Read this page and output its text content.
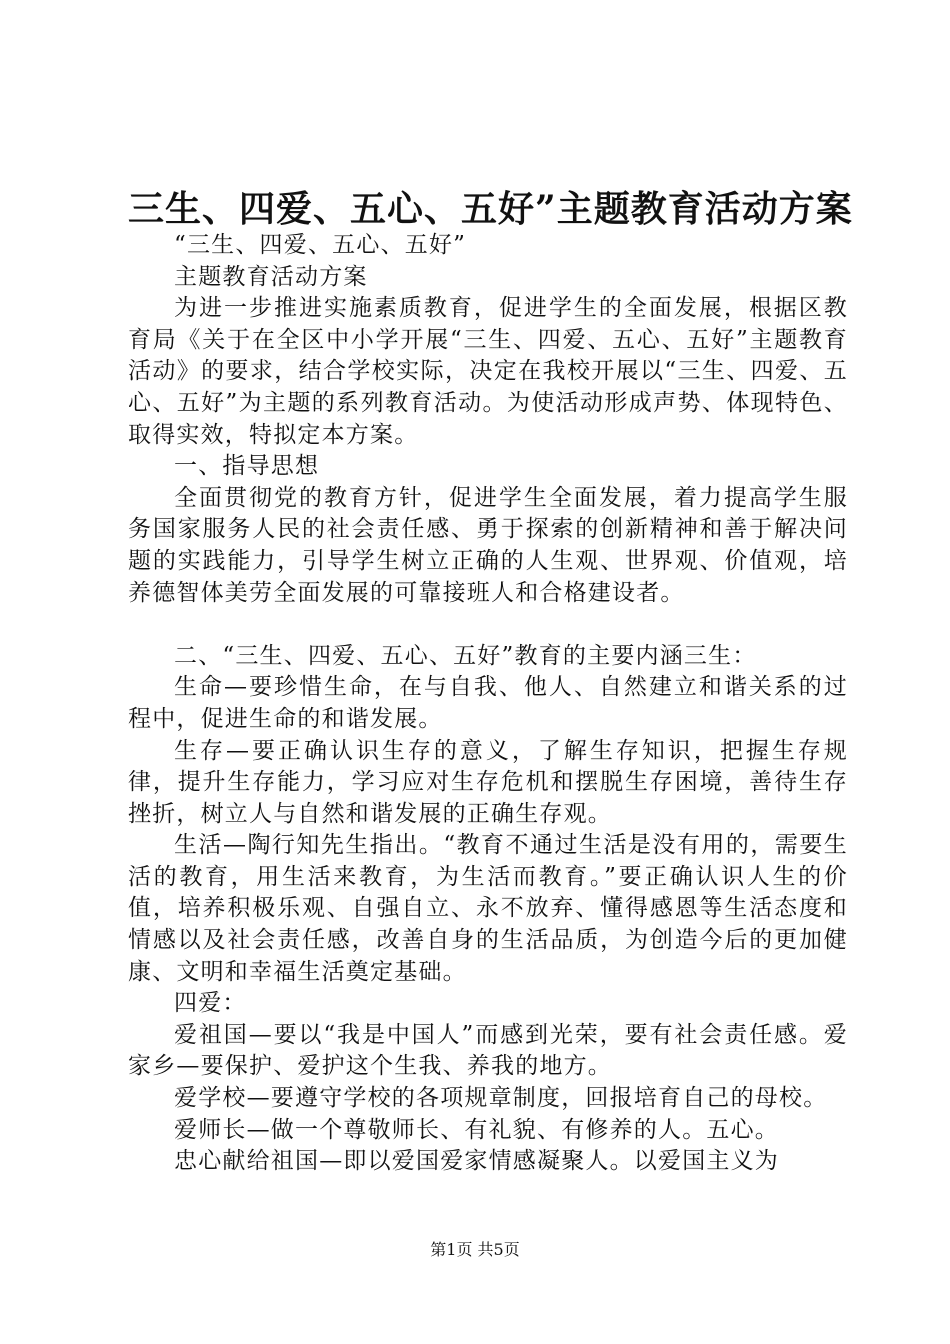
三生、四爱、五心、五好”主题教育活动方案

“三生、四爱、五心、五好”

主题教育活动方案

为进一步推进实施素质教育，促进学生的全面发展，根据区教育局《关于在全区中小学开展“三生、四爱、五心、五好”主题教育活动》的要求，结合学校实际，决定在我校开展以“三生、四爱、五心、五好”为主题的系列教育活动。为使活动形成声势、体现特色、取得实效，特拟定本方案。

一、指导思想

全面贯彻党的教育方针，促进学生全面发展，着力提高学生服务国家服务人民的社会责任感、勇于探索的创新精神和善于解决问题的实践能力，引导学生树立正确的人生观、世界观、价值观，培养德智体美劳全面发展的可靠接班人和合格建设者。

二、“三生、四爱、五心、五好”教育的主要内涵三生：

生命—要珍惜生命，在与自我、他人、自然建立和谐关系的过程中，促进生命的和谐发展。

生存—要正确认识生存的意义，了解生存知识，把握生存规律，提升生存能力，学习应对生存危机和摆脱生存困境，善待生存挫折，树立人与自然和谐发展的正确生存观。

生活—陶行知先生指出。“教育不通过生活是没有用的，需要生活的教育，用生活来教育，为生活而教育。”要正确认识人生的价值，培养积极乐观、自强自立、永不放弃、懂得感恩等生活态度和情感以及社会责任感，改善自身的生活品质，为创造今后的更加健康、文明和幸福生活奠定基础。

四爱：

爱祖国—要以“我是中国人”而感到光荣，要有社会责任感。爱家乡—要保护、爱护这个生我、养我的地方。

爱学校—要遵守学校的各项规章制度，回报培育自己的母校。

爱师长—做一个尊敬师长、有礼貌、有修养的人。五心。

忠心献给祖国—即以爱国爱家情感凝聚人。以爱国主义为

第1页 共5页
